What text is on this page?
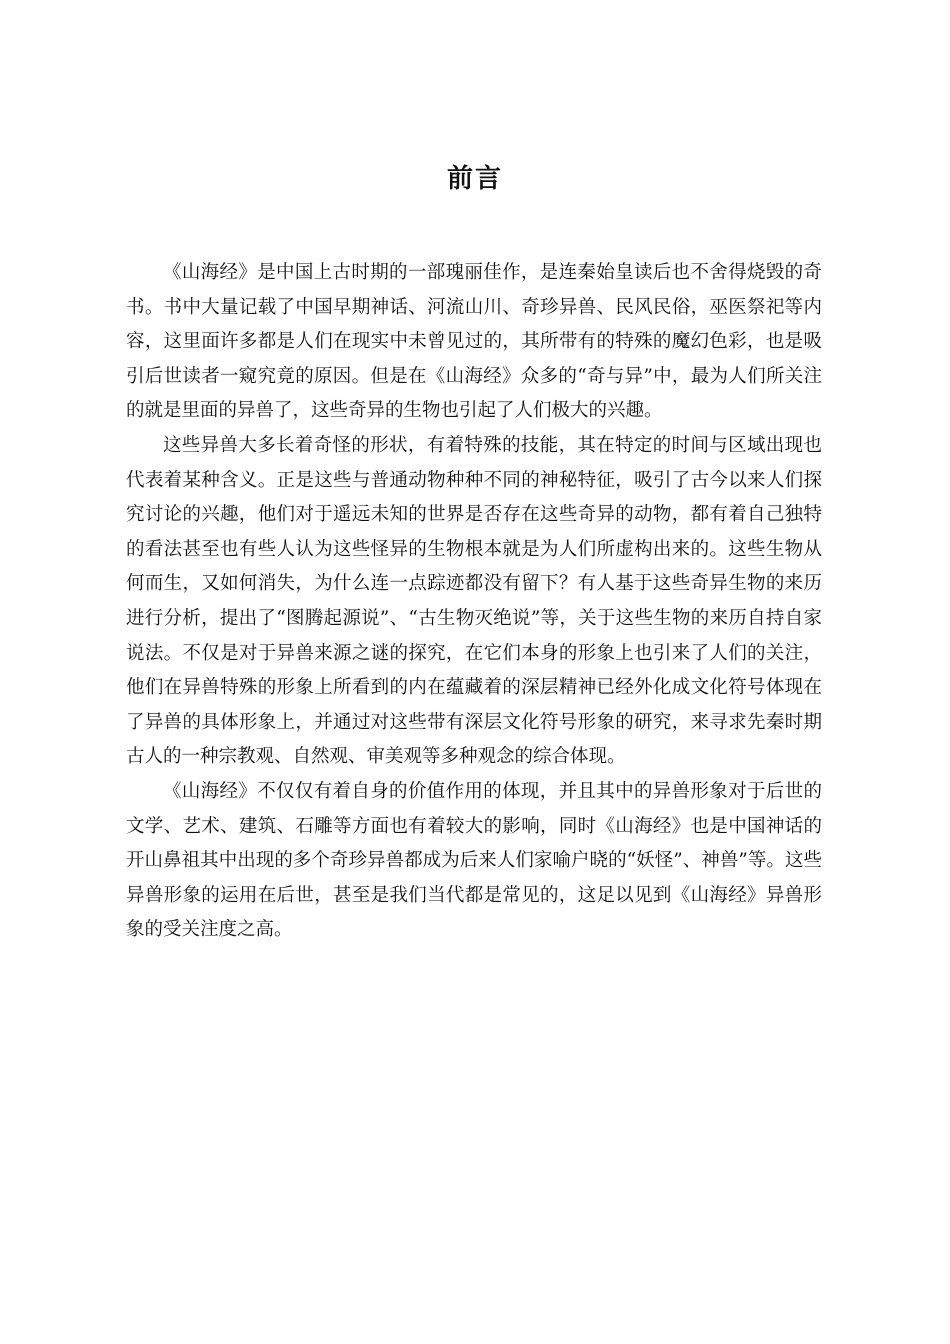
前言

《山海经》是中国上古时期的一部瑰丽佳作，是连秦始皇读后也不舍得烧毁的奇书。书中大量记载了中国早期神话、河流山川、奇珍异兽、民风民俗，巫医祭祀等内容，这里面许多都是人们在现实中未曾见过的，其所带有的特殊的魔幻色彩，也是吸引后世读者一窥究竟的原因。但是在《山海经》众多的“奇与异”中，最为人们所关注的就是里面的异兽了，这些奇异的生物也引起了人们极大的兴趣。

这些异兽大多长着奇怪的形状，有着特殊的技能，其在特定的时间与区域出现也代表着某种含义。正是这些与普通动物种种不同的神秘特征，吸引了古今以来人们探究讨论的兴趣，他们对于遥远未知的世界是否存在这些奇异的动物，都有着自己独特的看法甚至也有些人认为这些怪异的生物根本就是为人们所虚构出来的。这些生物从何而生，又如何消失，为什么连一点踪迹都没有留下？有人基于这些奇异生物的来历进行分析，提出了“图腾起源说”、“古生物灭绝说”等，关于这些生物的来历自持自家说法。不仅是对于异兽来源之谜的探究，在它们本身的形象上也引来了人们的关注，他们在异兽特殊的形象上所看到的内在蕴藏着的深层精神已经外化成文化符号体现在了异兽的具体形象上，并通过对这些带有深层文化符号形象的研究，来寻求先秦时期古人的一种宗教观、自然观、审美观等多种观念的综合体现。

《山海经》不仅仅有着自身的价值作用的体现，并且其中的异兽形象对于后世的文学、艺术、建筑、石雕等方面也有着较大的影响，同时《山海经》也是中国神话的开山鼻祖其中出现的多个奇珍异兽都成为后来人们家喻户晓的“妖怪”、神兽”等。这些异兽形象的运用在后世，甚至是我们当代都是常见的，这足以见到《山海经》异兽形象的受关注度之高。
